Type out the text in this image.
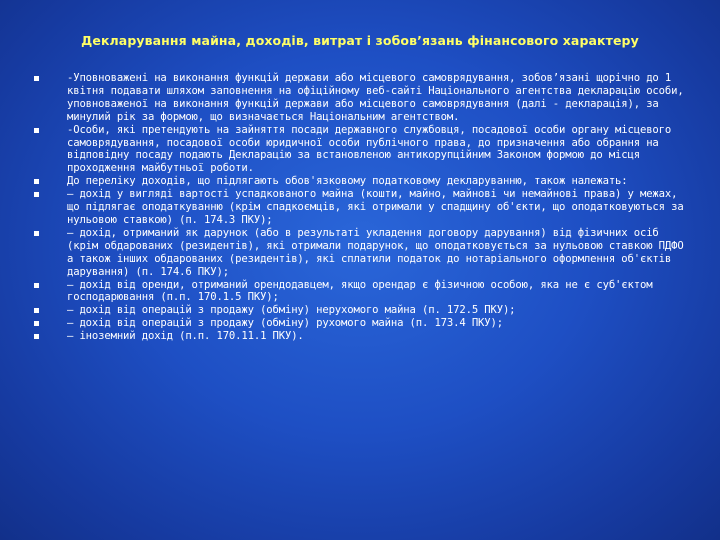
Декларування майна, доходів, витрат і зобов’язань фінансового характеру
-Уповноважені на виконання функцій держави або місцевого самоврядування, зобов’язані щорічно до 1 квітня подавати шляхом заповнення на офіційному веб-сайті Національного агентства декларацію особи, уповноваженої на виконання функцій держави або місцевого самоврядування (далі - декларація), за минулий рік за формою, що визначається Національним агентством.
-Особи, які претендують на зайняття посади державного службовця, посадової особи органу місцевого самоврядування, посадової особи юридичної особи публічного права, до призначення або обрання на відповідну посаду подають Декларацію за встановленою антикорупційним Законом формою до місця проходження майбутньої роботи.
До переліку доходів, що підлягають обов'язковому податковому декларуванню, також належать:
— дохід у вигляді вартості успадкованого майна (кошти, майно, майнові чи немайнові права) у межах, що підлягає оподаткуванню (крім спадкоємців, які отримали у спадщину об'єкти, що оподатковуються за нульовою ставкою) (п. 174.3 ПКУ);
— дохід, отриманий як дарунок (або в результаті укладення договору дарування) від фізичних осіб (крім обдарованих (резидентів), які отримали подарунок, що оподатковується за нульовою ставкою ПДФО а також інших обдарованих (резидентів), які сплатили податок до нотаріального оформлення об'єктів дарування) (п. 174.6 ПКУ);
— дохід від оренди, отриманий орендодавцем, якщо орендар є фізичною особою, яка не є суб'єктом господарювання (п.п. 170.1.5 ПКУ);
— дохід від операцій з продажу (обміну) нерухомого майна (п. 172.5 ПКУ);
— дохід від операцій з продажу (обміну) рухомого майна (п. 173.4 ПКУ);
— іноземний дохід (п.п. 170.11.1 ПКУ).
